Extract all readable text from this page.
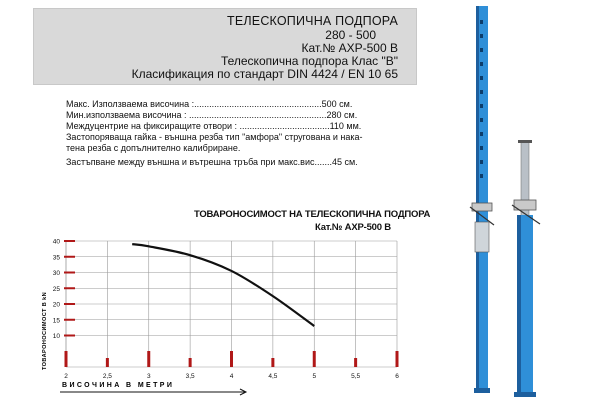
ТЕЛЕСКОПИЧНА ПОДПОРА
280 - 500
Кат.№ АХР-500 В
Телескопична подпора Клас "В"
Класификация по стандарт DIN 4424 / EN 10 65
Макс. Използваема височина :...................................................500 см.
Мин.използваема височина : .......................................................280 см.
Междуцентрие на фиксиращите отвори : ....................................110 мм.
Застопоряваща гайка - външна резба тип "амфора" стругована и нака-
тена резба с допълнително калибриране.
Застъпване между външна и вътрешна тръба при макс.вис.......45 см.
ТОВАРОНОСИМОСТ НА ТЕЛЕСКОПИЧНА ПОДПОРА
Кат.№ АХР-500 В
40
35
30
25
20
15
10
2	2,5	3	3,5	4	4,5	5	5,5	6
ТОВАРОНОСИМОСТ В kN
ВИСОЧИНА В МЕТРИ
